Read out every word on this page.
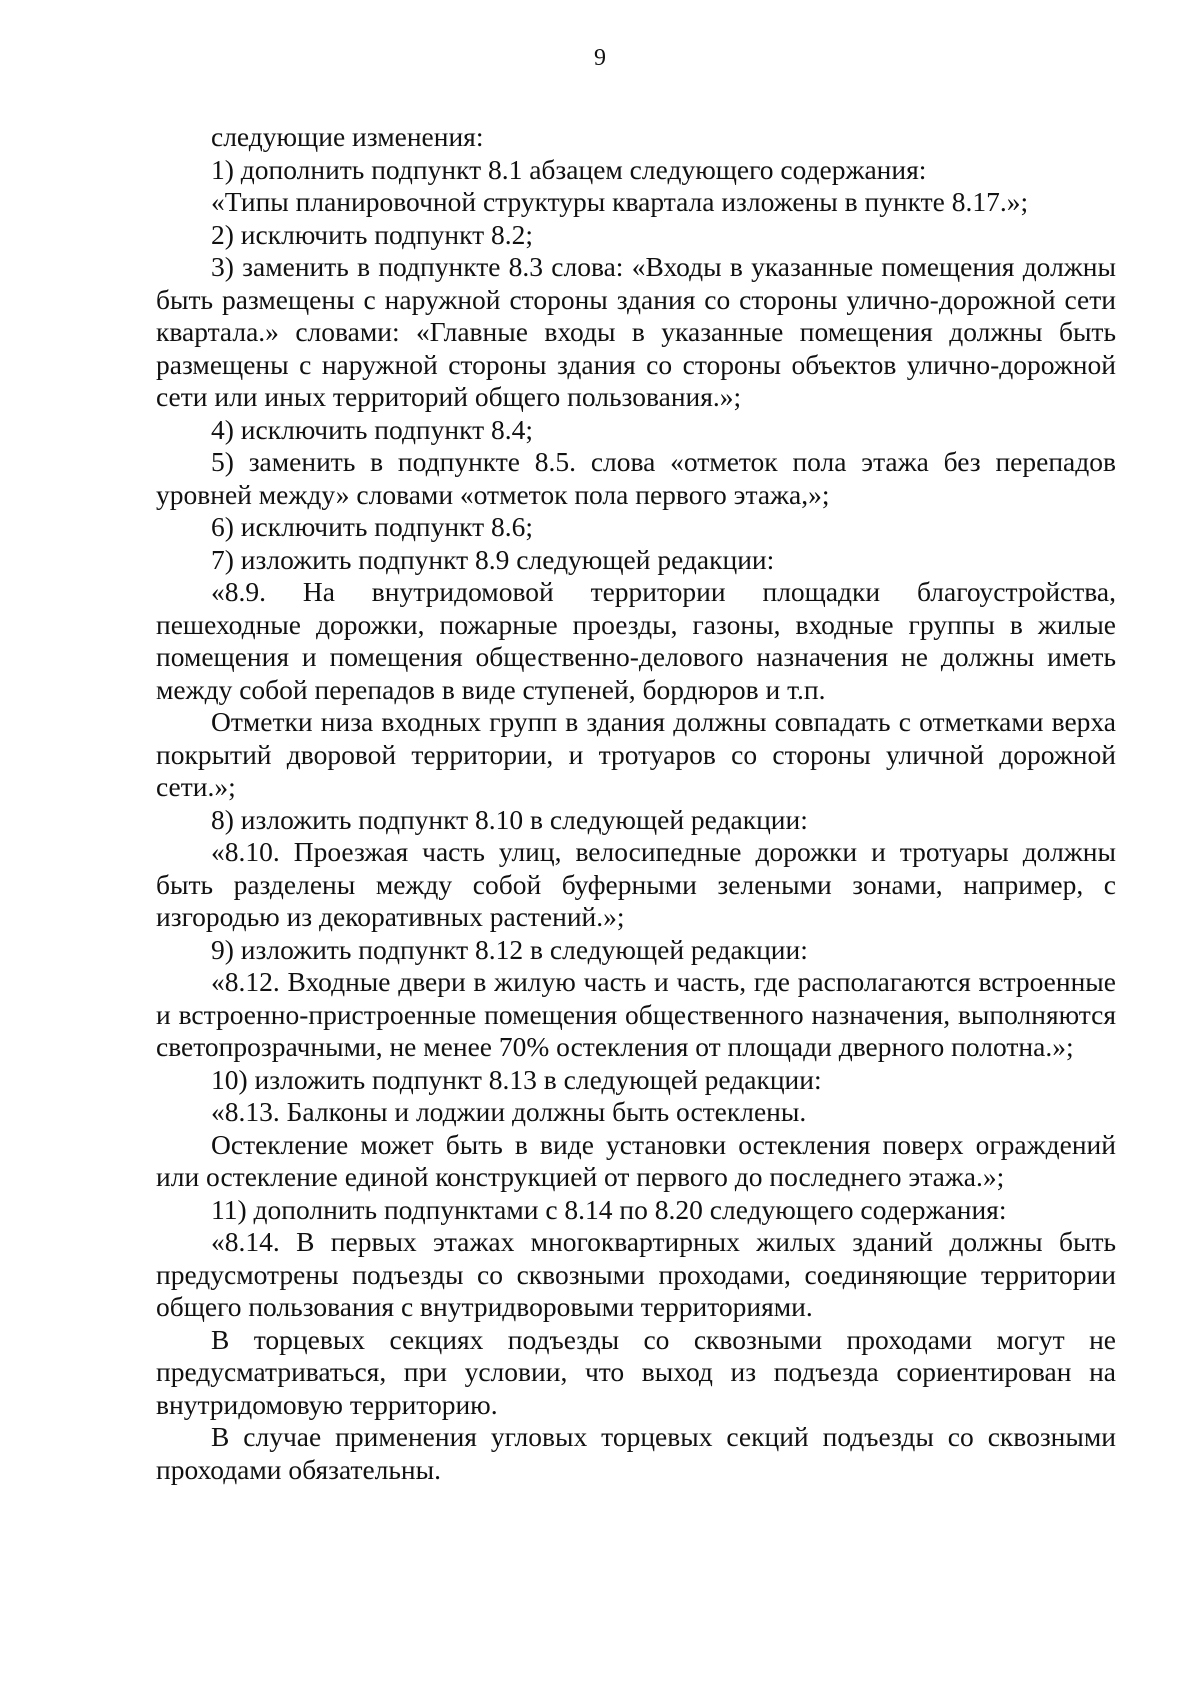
9

следующие изменения:

1) дополнить подпункт 8.1 абзацем следующего содержания:

«Типы планировочной структуры квартала изложены в пункте 8.17.»;

2) исключить подпункт 8.2;

3) заменить в подпункте 8.3 слова: «Входы в указанные помещения должны быть размещены с наружной стороны здания со стороны улично-дорожной сети квартала.» словами: «Главные входы в указанные помещения должны быть размещены с наружной стороны здания со стороны объектов улично-дорожной сети или иных территорий общего пользования.»;

4) исключить подпункт 8.4;

5) заменить в подпункте 8.5. слова «отметок пола этажа без перепадов уровней между» словами «отметок пола первого этажа,»;

6) исключить подпункт 8.6;

7) изложить подпункт 8.9 следующей редакции:

«8.9. На внутридомовой территории площадки благоустройства, пешеходные дорожки, пожарные проезды, газоны, входные группы в жилые помещения и помещения общественно-делового назначения не должны иметь между собой перепадов в виде ступеней, бордюров и т.п.

Отметки низа входных групп в здания должны совпадать с отметками верха покрытий дворовой территории, и тротуаров со стороны уличной дорожной сети.»;

8) изложить подпункт 8.10 в следующей редакции:

«8.10. Проезжая часть улиц, велосипедные дорожки и тротуары должны быть разделены между собой буферными зелеными зонами, например, с изгородью из декоративных растений.»;

9) изложить подпункт 8.12 в следующей редакции:

«8.12. Входные двери в жилую часть и часть, где располагаются встроенные и встроенно-пристроенные помещения общественного назначения, выполняются светопрозрачными, не менее 70% остекления от площади дверного полотна.»;

10) изложить подпункт 8.13 в следующей редакции:

«8.13. Балконы и лоджии должны быть остеклены.

Остекление может быть в виде установки остекления поверх ограждений или остекление единой конструкцией от первого до последнего этажа.»;

11) дополнить подпунктами с 8.14 по 8.20 следующего содержания:

«8.14. В первых этажах многоквартирных жилых зданий должны быть предусмотрены подъезды со сквозными проходами, соединяющие территории общего пользования с внутридворовыми территориями.

В торцевых секциях подъезды со сквозными проходами могут не предусматриваться, при условии, что выход из подъезда сориентирован на внутридомовую территорию.

В случае применения угловых торцевых секций подъезды со сквозными проходами обязательны.
